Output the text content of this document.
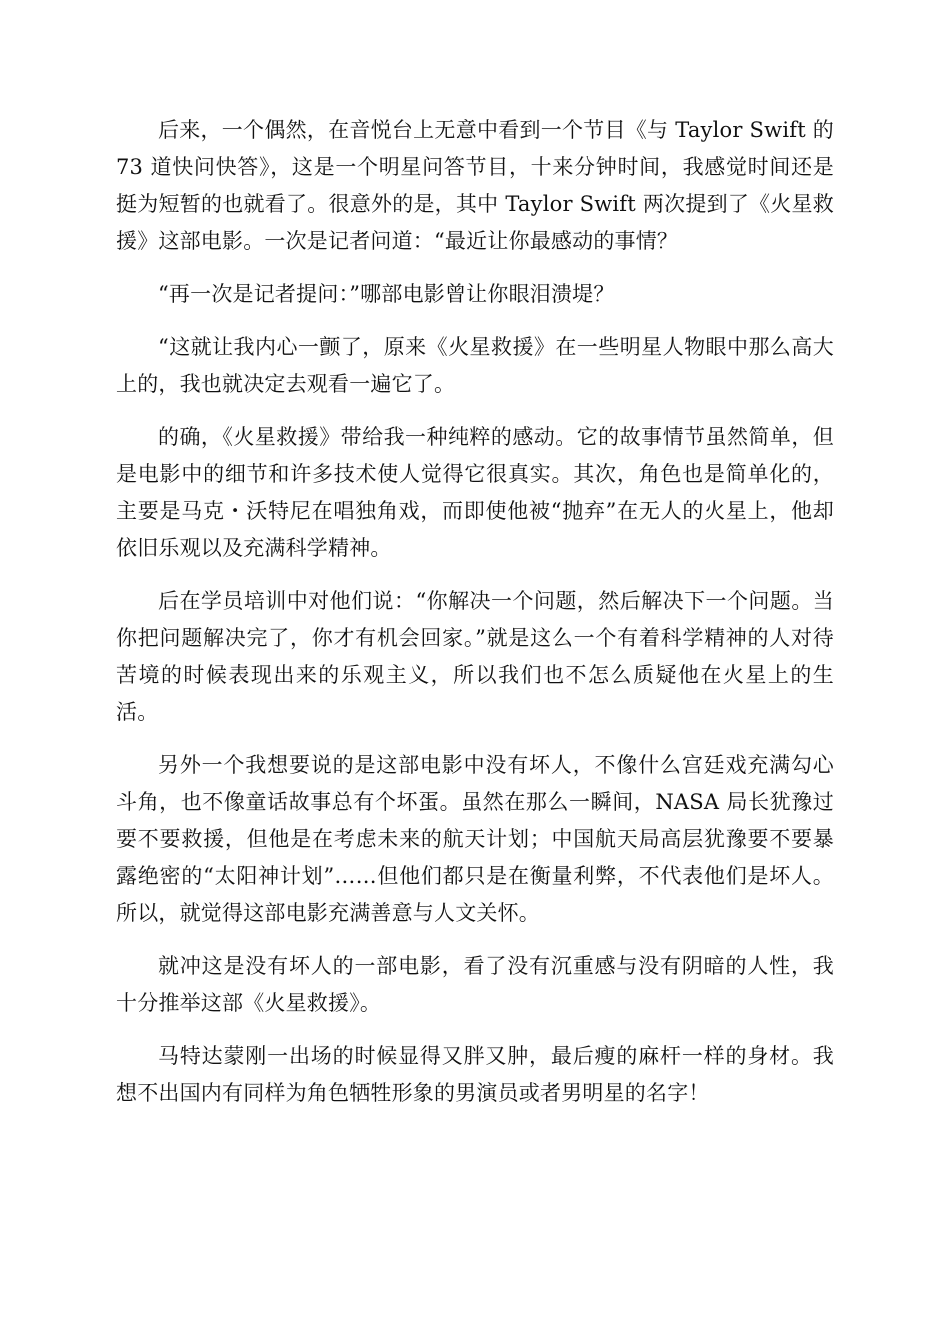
后来，一个偶然，在音悦台上无意中看到一个节目《与 Taylor Swift 的 73 道快问快答》，这是一个明星问答节目，十来分钟时间，我感觉时间还是挺为短暂的也就看了。很意外的是，其中 Taylor Swift 两次提到了《火星救援》这部电影。一次是记者问道：“最近让你最感动的事情？

“再一次是记者提问：”哪部电影曾让你眼泪溃堤？

“这就让我内心一颤了，原来《火星救援》在一些明星人物眼中那么高大上的，我也就决定去观看一遍它了。

的确，《火星救援》带给我一种纯粹的感动。它的故事情节虽然简单，但是电影中的细节和许多技术使人觉得它很真实。其次，角色也是简单化的，主要是马克・沃特尼在唱独角戏，而即使他被“抛弃”在无人的火星上，他却依旧乐观以及充满科学精神。

后在学员培训中对他们说：“你解决一个问题，然后解决下一个问题。当你把问题解决完了，你才有机会回家。”就是这么一个有着科学精神的人对待苦境的时候表现出来的乐观主义，所以我们也不怎么质疑他在火星上的生活。

另外一个我想要说的是这部电影中没有坏人，不像什么宫廷戏充满勾心斗角，也不像童话故事总有个坏蛋。虽然在那么一瞬间，NASA 局长犹豫过要不要救援，但他是在考虑未来的航天计划；中国航天局高层犹豫要不要暴露绝密的“太阳神计划”……但他们都只是在衡量利弊，不代表他们是坏人。所以，就觉得这部电影充满善意与人文关怀。

就冲这是没有坏人的一部电影，看了没有沉重感与没有阴暗的人性，我十分推举这部《火星救援》。

马特达蒙刚一出场的时候显得又胖又肿，最后瘦的麻杆一样的身材。我想不出国内有同样为角色牺牲形象的男演员或者男明星的名字！
